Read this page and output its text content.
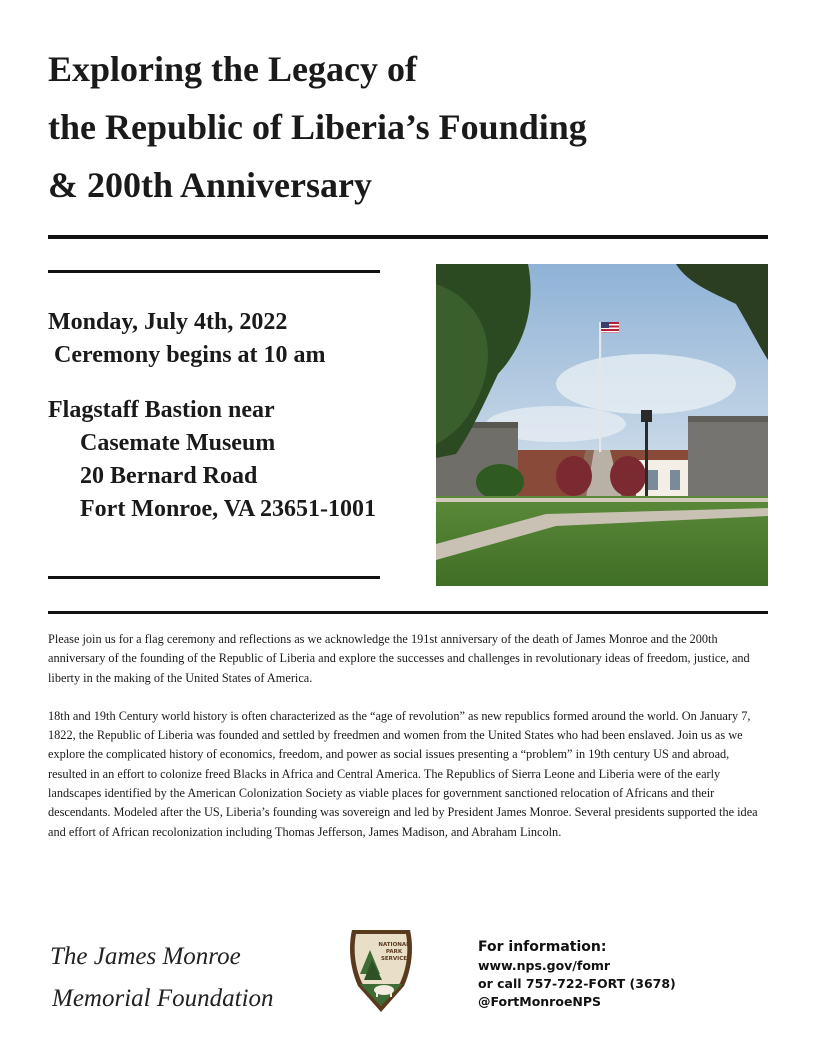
Exploring the Legacy of
the Republic of Liberia’s Founding
& 200th Anniversary
Monday, July 4th, 2022
Ceremony begins at 10 am
Flagstaff Bastion near
Casemate Museum
20 Bernard Road
Fort Monroe, VA 23651-1001

Please join us for a flag ceremony and reflections as we acknowledge the 191st anniversary of the death of James Monroe and the 200th anniversary of the founding of the Republic of Liberia and explore the successes and challenges in revolutionary ideas of freedom, justice, and liberty in the making of the United States of America.

18th and 19th Century world history is often characterized as the “age of revolution” as new republics formed around the world. On January 7, 1822, the Republic of Liberia was founded and settled by freedmen and women from the United States who had been enslaved. Join us as we explore the complicated history of economics, freedom, and power as social issues presenting a “problem” in 19th century US and abroad, resulted in an effort to colonize freed Blacks in Africa and Central America. The Republics of Sierra Leone and Liberia were of the early landscapes identified by the American Colonization Society as viable places for government sanctioned relocation of Africans and their descendants. Modeled after the US, Liberia’s founding was sovereign and led by President James Monroe. Several presidents supported the idea and effort of African recolonization including Thomas Jefferson, James Madison, and Abraham Lincoln.

The James Monroe
Memorial Foundation
NATIONAL
PARK
SERVICE
For information:
www.nps.gov/fomr
or call 757-722-FORT (3678)
@FortMonroeNPS
